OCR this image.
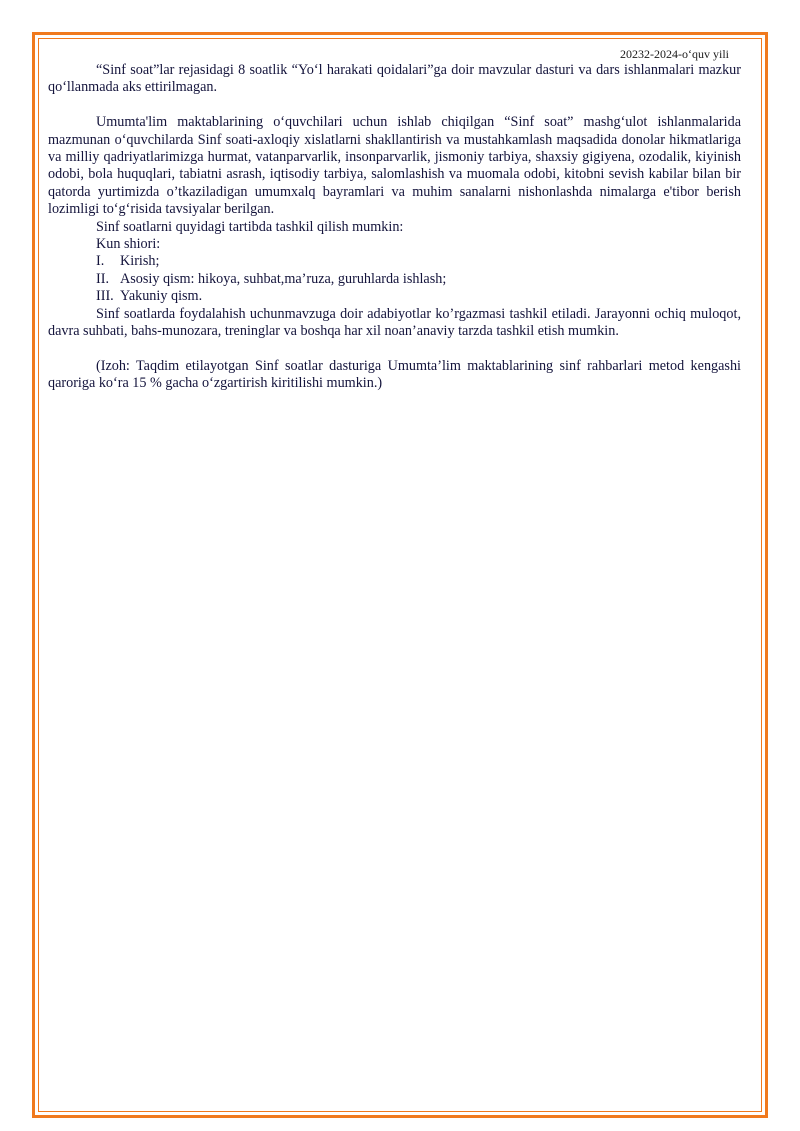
20232-2024-o‘quv yili

“Sinf soat”lar rejasidagi 8 soatlik “Yo‘l harakati qoidalari”ga doir mavzular dasturi va dars ishlanmalari mazkur qo‘llanmada aks ettirilmagan.

Umumta'lim maktablarining o‘quvchilari uchun ishlab chiqilgan “Sinf soat” mashg‘ulot ishlanmalarida mazmunan o‘quvchilarda Sinf soati-axloqiy xislatlarni shakllantirish va mustahkamlash maqsadida donolar hikmatlariga va milliy qadriyatlarimizga hurmat, vatanparvarlik, insonparvarlik, jismoniy tarbiya, shaxsiy gigiyena, ozodalik, kiyinish odobi, bola huquqlari, tabiatni asrash, iqtisodiy tarbiya, salomlashish va muomala odobi, kitobni sevish kabilar bilan bir qatorda yurtimizda o’tkaziladigan umumxalq bayramlari va muhim sanalarni nishonlashda nimalarga e'tibor berish lozimligi to‘g‘risida tavsiyalar berilgan.

Sinf soatlarni quyidagi tartibda tashkil qilish mumkin:
Kun shiori:
I.	Kirish;
II. Asosiy qism: hikoya, suhbat,ma’ruza, guruhlarda ishlash;
III. Yakuniy qism.

Sinf soatlarda foydalahish uchunmavzuga doir adabiyotlar ko’rgazmasi tashkil etiladi. Jarayonni ochiq muloqot, davra suhbati, bahs-munozara, treninglar va boshqa har xil noan’anaviy tarzda tashkil etish mumkin.

(Izoh: Taqdim etilayotgan Sinf soatlar dasturiga Umumta’lim maktablarining sinf rahbarlari metod kengashi qaroriga ko‘ra 15 % gacha o‘zgartirish kiritilishi mumkin.)
